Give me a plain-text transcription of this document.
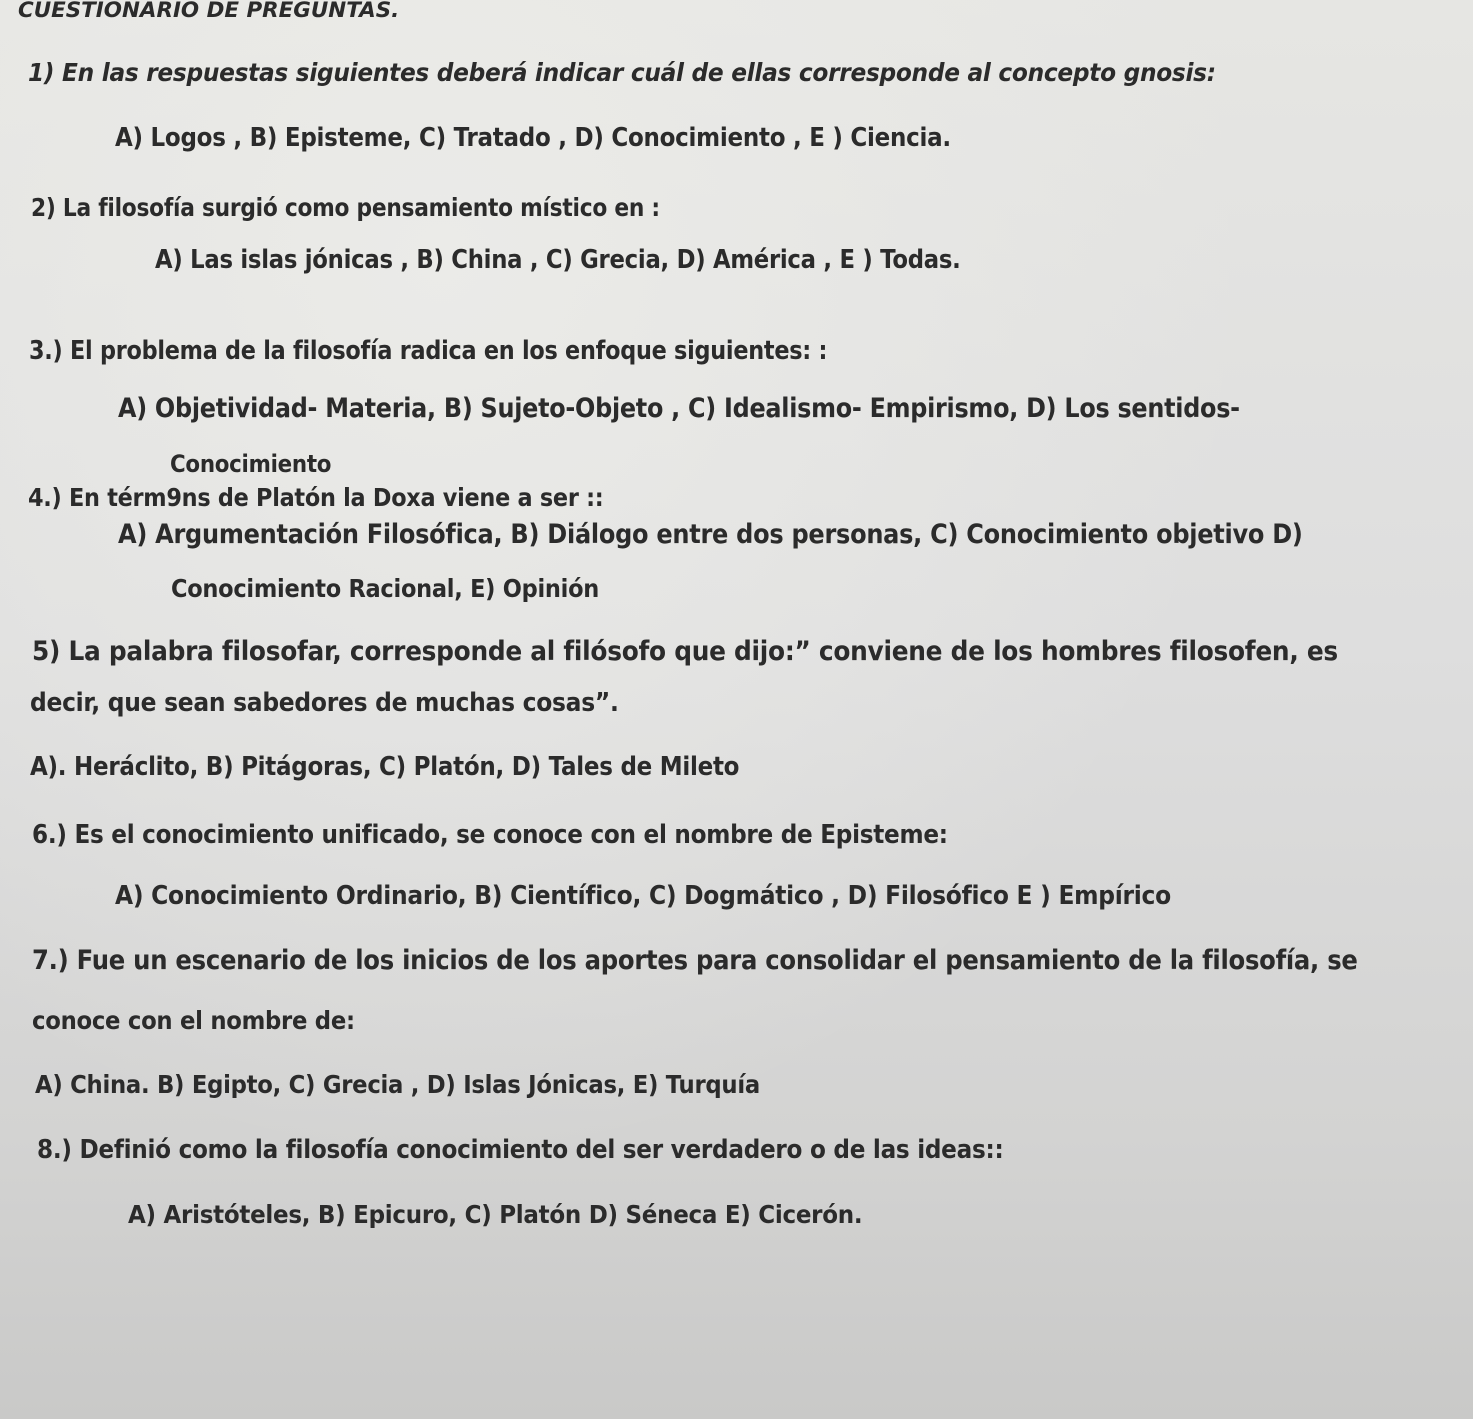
CUESTIONARIO DE PREGUNTAS.
1) En las respuestas siguientes deberá indicar cuál de ellas corresponde al concepto gnosis:
A) Logos , B) Episteme, C) Tratado , D) Conocimiento , E ) Ciencia.
2) La filosofía surgió como pensamiento místico en :
A) Las islas jónicas , B) China , C) Grecia, D) América , E ) Todas.
3.) El problema de la filosofía radica en los enfoque siguientes: :
A) Objetividad- Materia, B) Sujeto-Objeto , C) Idealismo- Empirismo, D) Los sentidos-
Conocimiento
4.) En térm9ns de Platón la Doxa viene a ser ::
A) Argumentación Filosófica, B) Diálogo entre dos personas, C) Conocimiento objetivo D)
Conocimiento Racional, E) Opinión
5) La palabra filosofar, corresponde al filósofo que dijo:” conviene de los hombres filosofen, es
decir, que sean sabedores de muchas cosas”.
A). Heráclito, B) Pitágoras, C) Platón, D) Tales de Mileto
6.) Es el conocimiento unificado, se conoce con el nombre de Episteme:
A) Conocimiento Ordinario, B) Científico, C) Dogmático , D) Filosófico E ) Empírico
7.) Fue un escenario de los inicios de los aportes para consolidar el pensamiento de la filosofía, se
conoce con el nombre de:
A) China. B) Egipto, C) Grecia , D) Islas Jónicas, E) Turquía
8.) Definió como la filosofía conocimiento del ser verdadero o de las ideas::
A) Aristóteles, B) Epicuro, C) Platón D) Séneca E) Cicerón.
